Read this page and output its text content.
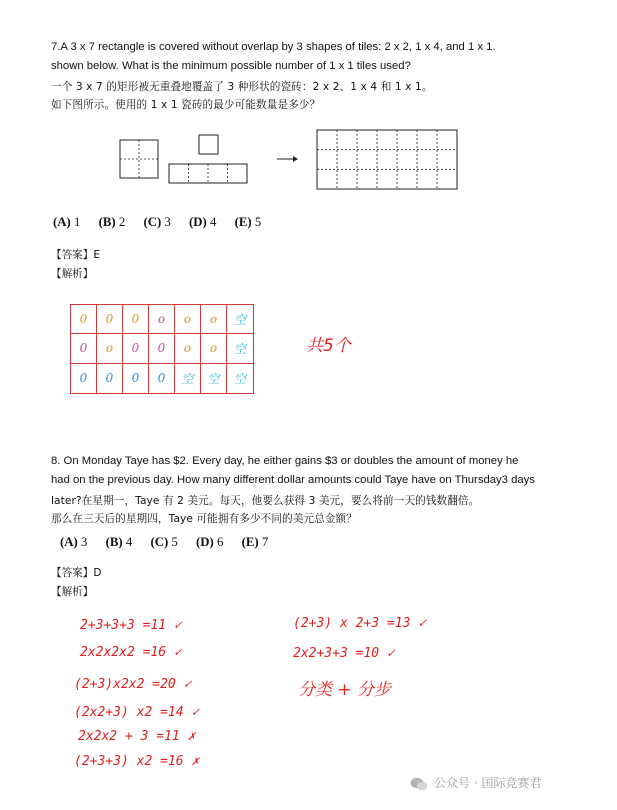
7.A 3 x 7 rectangle is covered without overlap by 3 shapes of tiles: 2 x 2, 1 x 4, and 1 x 1.
shown below. What is the minimum possible number of 1 x 1 tiles used?
一个 3 x 7 的矩形被无重叠地覆盖了 3 种形状的瓷砖：2 x 2、1 x 4 和 1 x 1。
如下图所示。使用的 1 x 1 瓷砖的最少可能数量是多少？
(A) 1 (B) 2 (C) 3 (D) 4 (E) 5
【答案】E
【解析】
0	0	0	o	o	o	空
0	o	0	0	o	o	空
0	0	0	0	空	空	空
共5个
8. On Monday Taye has $2. Every day, he either gains $3 or doubles the amount of money he
had on the previous day. How many different dollar amounts could Taye have on Thursday3 days
later?在星期一，Taye 有 2 美元。每天，他要么获得 3 美元，要么将前一天的钱数翻倍。
那么在三天后的星期四，Taye 可能拥有多少不同的美元总金额？
(A) 3 (B) 4 (C) 5 (D) 6 (E) 7
【答案】D
【解析】
2+3+3+3 =11 ✓
2x2x2x2 =16 ✓
(2+3)x2x2 =20 ✓
(2x2+3) x2 =14 ✓
2x2x2 + 3 =11 ✗
(2+3+3) x2 =16 ✗
(2+3) x 2+3 =13 ✓
2x2+3+3 =10 ✓
分类 + 分步
公众号 · 国际竞赛君
